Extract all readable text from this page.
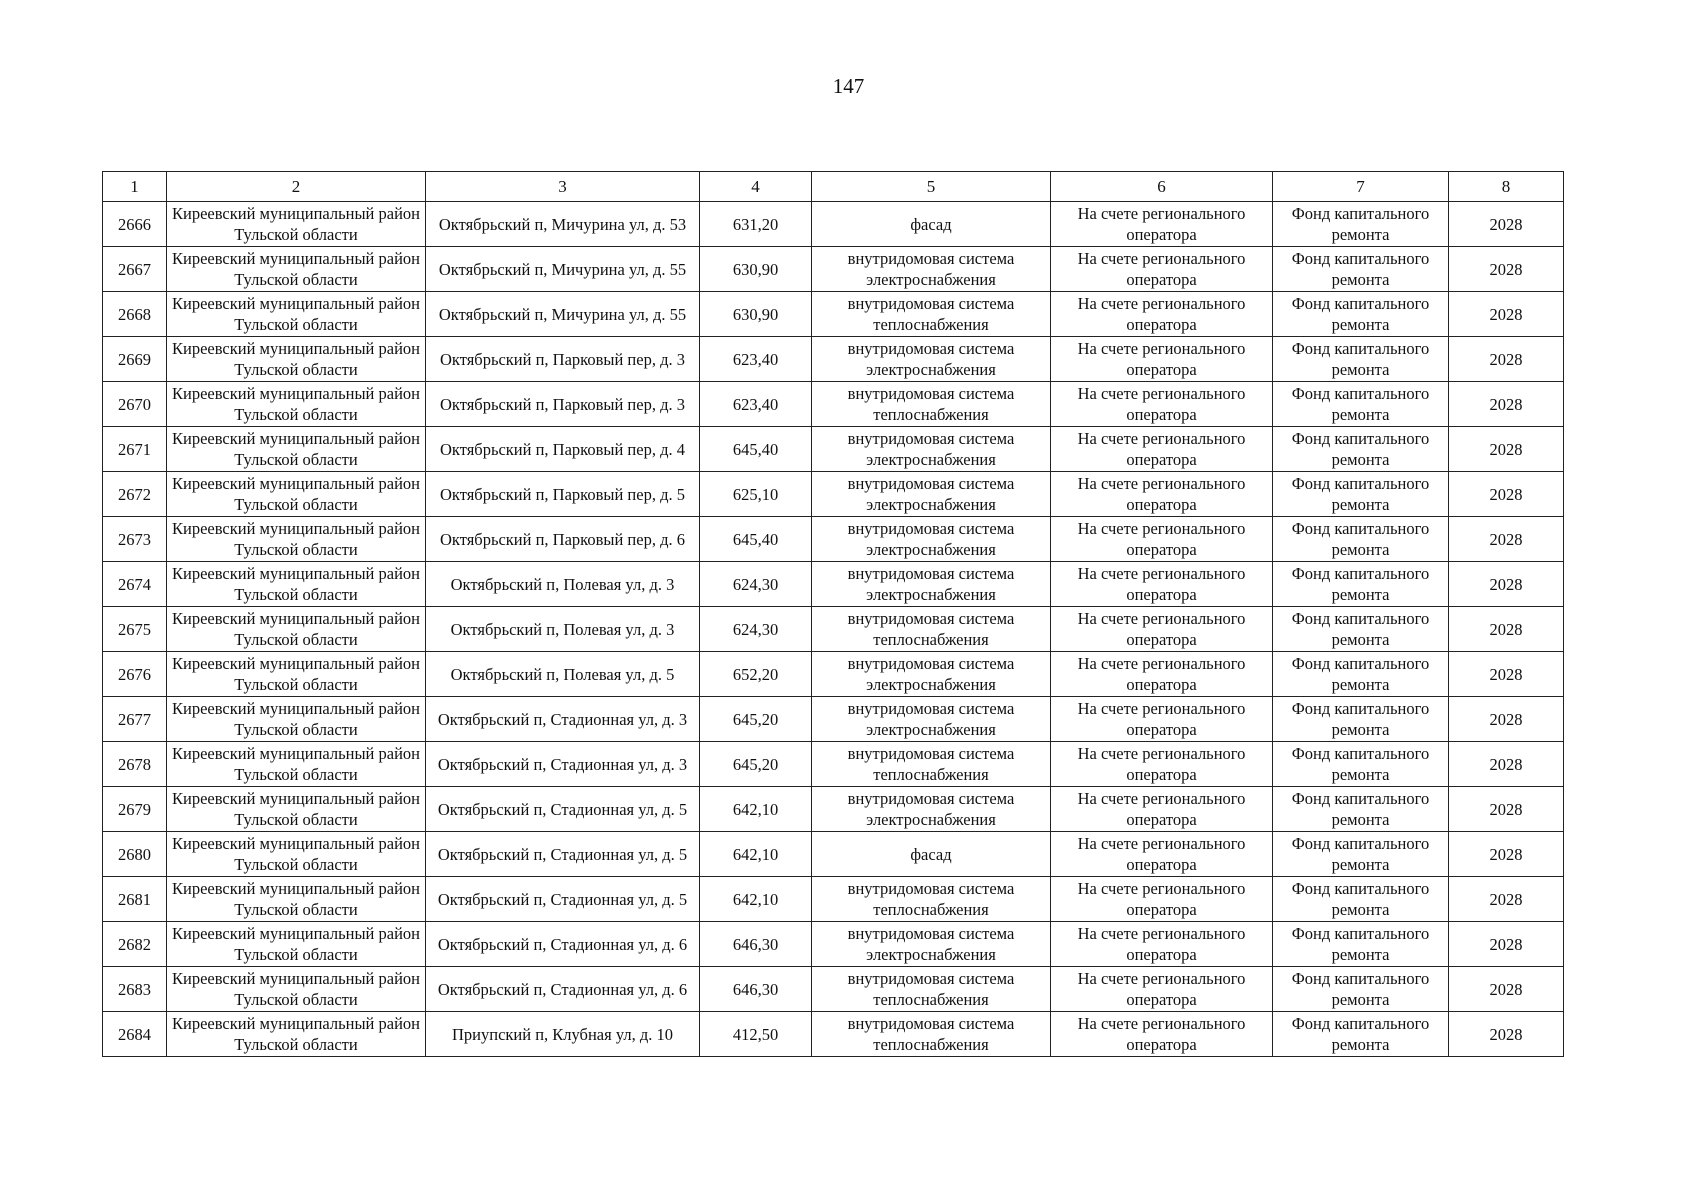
147
1	2	3	4	5	6	7	8
2666	Киреевский муниципальный район Тульской области	Октябрьский п, Мичурина ул, д. 53	631,20	фасад	На счете регионального оператора	Фонд капитального ремонта	2028
2667	Киреевский муниципальный район Тульской области	Октябрьский п, Мичурина ул, д. 55	630,90	внутридомовая система электроснабжения	На счете регионального оператора	Фонд капитального ремонта	2028
2668	Киреевский муниципальный район Тульской области	Октябрьский п, Мичурина ул, д. 55	630,90	внутридомовая система теплоснабжения	На счете регионального оператора	Фонд капитального ремонта	2028
2669	Киреевский муниципальный район Тульской области	Октябрьский п, Парковый пер, д. 3	623,40	внутридомовая система электроснабжения	На счете регионального оператора	Фонд капитального ремонта	2028
2670	Киреевский муниципальный район Тульской области	Октябрьский п, Парковый пер, д. 3	623,40	внутридомовая система теплоснабжения	На счете регионального оператора	Фонд капитального ремонта	2028
2671	Киреевский муниципальный район Тульской области	Октябрьский п, Парковый пер, д. 4	645,40	внутридомовая система электроснабжения	На счете регионального оператора	Фонд капитального ремонта	2028
2672	Киреевский муниципальный район Тульской области	Октябрьский п, Парковый пер, д. 5	625,10	внутридомовая система электроснабжения	На счете регионального оператора	Фонд капитального ремонта	2028
2673	Киреевский муниципальный район Тульской области	Октябрьский п, Парковый пер, д. 6	645,40	внутридомовая система электроснабжения	На счете регионального оператора	Фонд капитального ремонта	2028
2674	Киреевский муниципальный район Тульской области	Октябрьский п, Полевая ул, д. 3	624,30	внутридомовая система электроснабжения	На счете регионального оператора	Фонд капитального ремонта	2028
2675	Киреевский муниципальный район Тульской области	Октябрьский п, Полевая ул, д. 3	624,30	внутридомовая система теплоснабжения	На счете регионального оператора	Фонд капитального ремонта	2028
2676	Киреевский муниципальный район Тульской области	Октябрьский п, Полевая ул, д. 5	652,20	внутридомовая система электроснабжения	На счете регионального оператора	Фонд капитального ремонта	2028
2677	Киреевский муниципальный район Тульской области	Октябрьский п, Стадионная ул, д. 3	645,20	внутридомовая система электроснабжения	На счете регионального оператора	Фонд капитального ремонта	2028
2678	Киреевский муниципальный район Тульской области	Октябрьский п, Стадионная ул, д. 3	645,20	внутридомовая система теплоснабжения	На счете регионального оператора	Фонд капитального ремонта	2028
2679	Киреевский муниципальный район Тульской области	Октябрьский п, Стадионная ул, д. 5	642,10	внутридомовая система электроснабжения	На счете регионального оператора	Фонд капитального ремонта	2028
2680	Киреевский муниципальный район Тульской области	Октябрьский п, Стадионная ул, д. 5	642,10	фасад	На счете регионального оператора	Фонд капитального ремонта	2028
2681	Киреевский муниципальный район Тульской области	Октябрьский п, Стадионная ул, д. 5	642,10	внутридомовая система теплоснабжения	На счете регионального оператора	Фонд капитального ремонта	2028
2682	Киреевский муниципальный район Тульской области	Октябрьский п, Стадионная ул, д. 6	646,30	внутридомовая система электроснабжения	На счете регионального оператора	Фонд капитального ремонта	2028
2683	Киреевский муниципальный район Тульской области	Октябрьский п, Стадионная ул, д. 6	646,30	внутридомовая система теплоснабжения	На счете регионального оператора	Фонд капитального ремонта	2028
2684	Киреевский муниципальный район Тульской области	Приупский п, Клубная ул, д. 10	412,50	внутридомовая система теплоснабжения	На счете регионального оператора	Фонд капитального ремонта	2028
